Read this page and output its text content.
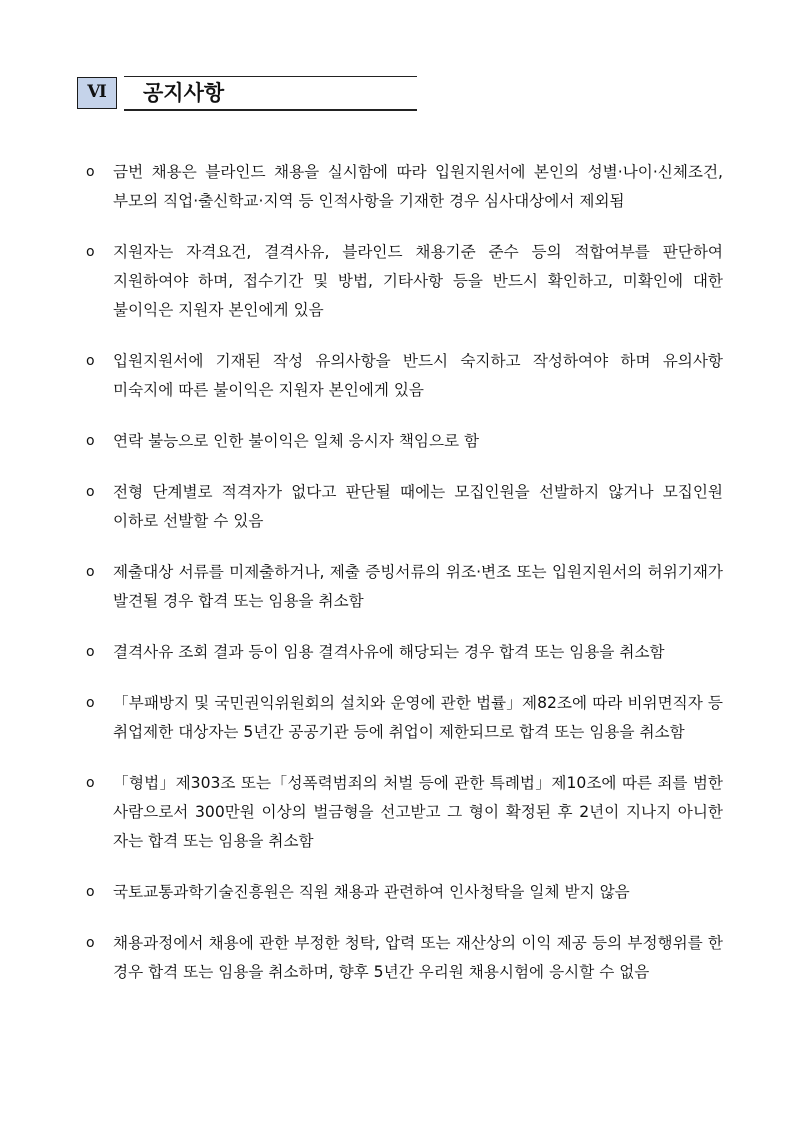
Ⅵ	공지사항
ο 금번 채용은 블라인드 채용을 실시함에 따라 입원지원서에 본인의 성별·나이·신체조건, 부모의 직업·출신학교·지역 등 인적사항을 기재한 경우 심사대상에서 제외됨
ο 지원자는 자격요건, 결격사유, 블라인드 채용기준 준수 등의 적합여부를 판단하여 지원하여야 하며, 접수기간 및 방법, 기타사항 등을 반드시 확인하고, 미확인에 대한 불이익은 지원자 본인에게 있음
ο 입원지원서에 기재된 작성 유의사항을 반드시 숙지하고 작성하여야 하며 유의사항 미숙지에 따른 불이익은 지원자 본인에게 있음
ο 연락 불능으로 인한 불이익은 일체 응시자 책임으로 함
ο 전형 단계별로 적격자가 없다고 판단될 때에는 모집인원을 선발하지 않거나 모집인원 이하로 선발할 수 있음
ο 제출대상 서류를 미제출하거나, 제출 증빙서류의 위조·변조 또는 입원지원서의 허위기재가 발견될 경우 합격 또는 임용을 취소함
ο 결격사유 조회 결과 등이 임용 결격사유에 해당되는 경우 합격 또는 임용을 취소함
ο 「부패방지 및 국민권익위원회의 설치와 운영에 관한 법률」제82조에 따라 비위면직자 등 취업제한 대상자는 5년간 공공기관 등에 취업이 제한되므로 합격 또는 임용을 취소함
ο 「형법」제303조 또는「성폭력범죄의 처벌 등에 관한 특례법」제10조에 따른 죄를 범한 사람으로서 300만원 이상의 벌금형을 선고받고 그 형이 확정된 후 2년이 지나지 아니한 자는 합격 또는 임용을 취소함
ο 국토교통과학기술진흥원은 직원 채용과 관련하여 인사청탁을 일체 받지 않음
ο 채용과정에서 채용에 관한 부정한 청탁, 압력 또는 재산상의 이익 제공 등의 부정행위를 한 경우 합격 또는 임용을 취소하며, 향후 5년간 우리원 채용시험에 응시할 수 없음
